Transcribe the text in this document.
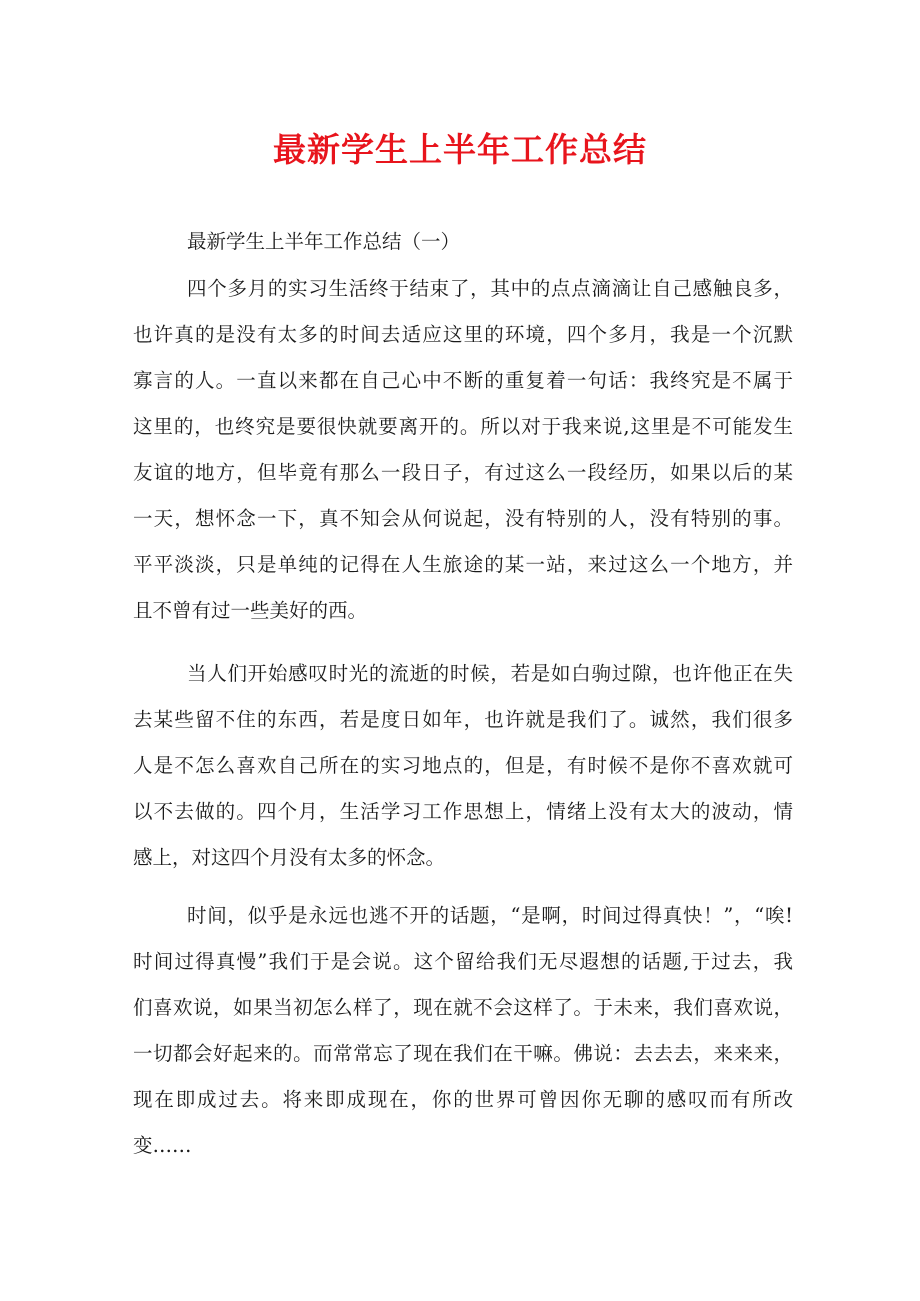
最新学生上半年工作总结
最新学生上半年工作总结（一）
四个多月的实习生活终于结束了，其中的点点滴滴让自己感触良多，
也许真的是没有太多的时间去适应这里的环境，四个多月，我是一个沉默
寡言的人。一直以来都在自己心中不断的重复着一句话：我终究是不属于
这里的，也终究是要很快就要离开的。所以对于我来说,这里是不可能发生
友谊的地方，但毕竟有那么一段日子，有过这么一段经历，如果以后的某
一天，想怀念一下，真不知会从何说起，没有特别的人，没有特别的事。
平平淡淡，只是单纯的记得在人生旅途的某一站，来过这么一个地方，并
且不曾有过一些美好的西。
当人们开始感叹时光的流逝的时候，若是如白驹过隙，也许他正在失
去某些留不住的东西，若是度日如年，也许就是我们了。诚然，我们很多
人是不怎么喜欢自己所在的实习地点的，但是，有时候不是你不喜欢就可
以不去做的。四个月，生活学习工作思想上，情绪上没有太大的波动，情
感上，对这四个月没有太多的怀念。
时间，似乎是永远也逃不开的话题，“是啊，时间过得真快！”，“唉!
时间过得真慢”我们于是会说。这个留给我们无尽遐想的话题,于过去，我
们喜欢说，如果当初怎么样了，现在就不会这样了。于未来，我们喜欢说，
一切都会好起来的。而常常忘了现在我们在干嘛。佛说：去去去，来来来，
现在即成过去。将来即成现在，你的世界可曾因你无聊的感叹而有所改
变……
